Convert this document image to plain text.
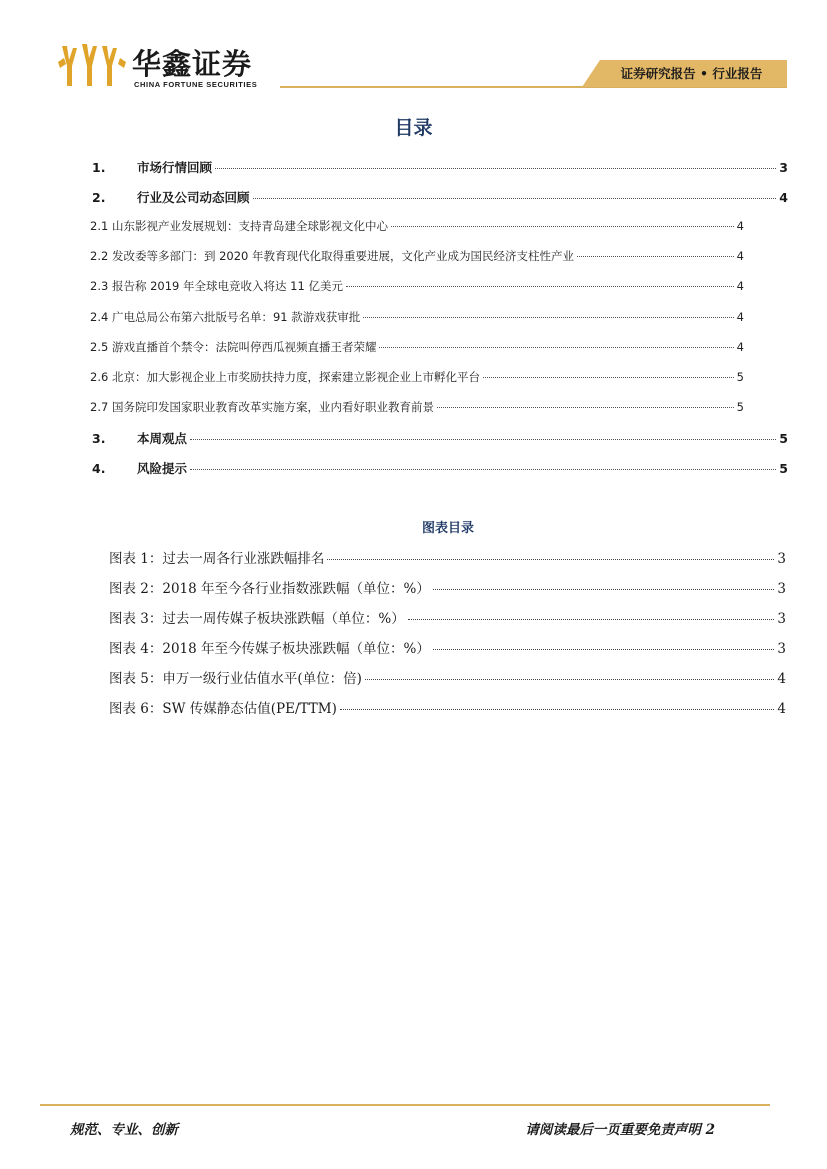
华鑫证券
CHINA FORTUNE SECURITIES
证券研究报告 • 行业报告
目录
1.	市场行情回顾	3
2.	行业及公司动态回顾	4
2.1 山东影视产业发展规划：支持青岛建全球影视文化中心	4
2.2 发改委等多部门：到 2020 年教育现代化取得重要进展，文化产业成为国民经济支柱性产业	4
2.3 报告称 2019 年全球电竞收入将达 11 亿美元	4
2.4 广电总局公布第六批版号名单：91 款游戏获审批	4
2.5 游戏直播首个禁令：法院叫停西瓜视频直播王者荣耀	4
2.6 北京：加大影视企业上市奖励扶持力度，探索建立影视企业上市孵化平台	5
2.7 国务院印发国家职业教育改革实施方案，业内看好职业教育前景	5
3.	本周观点	5
4.	风险提示	5
图表目录
图表 1：过去一周各行业涨跌幅排名	3
图表 2：2018 年至今各行业指数涨跌幅（单位：%）	3
图表 3：过去一周传媒子板块涨跌幅（单位：%）	3
图表 4：2018 年至今传媒子板块涨跌幅（单位：%）	3
图表 5：申万一级行业估值水平(单位：倍)	4
图表 6：SW 传媒静态估值(PE/TTM)	4
规范、专业、创新	请阅读最后一页重要免责声明 2
